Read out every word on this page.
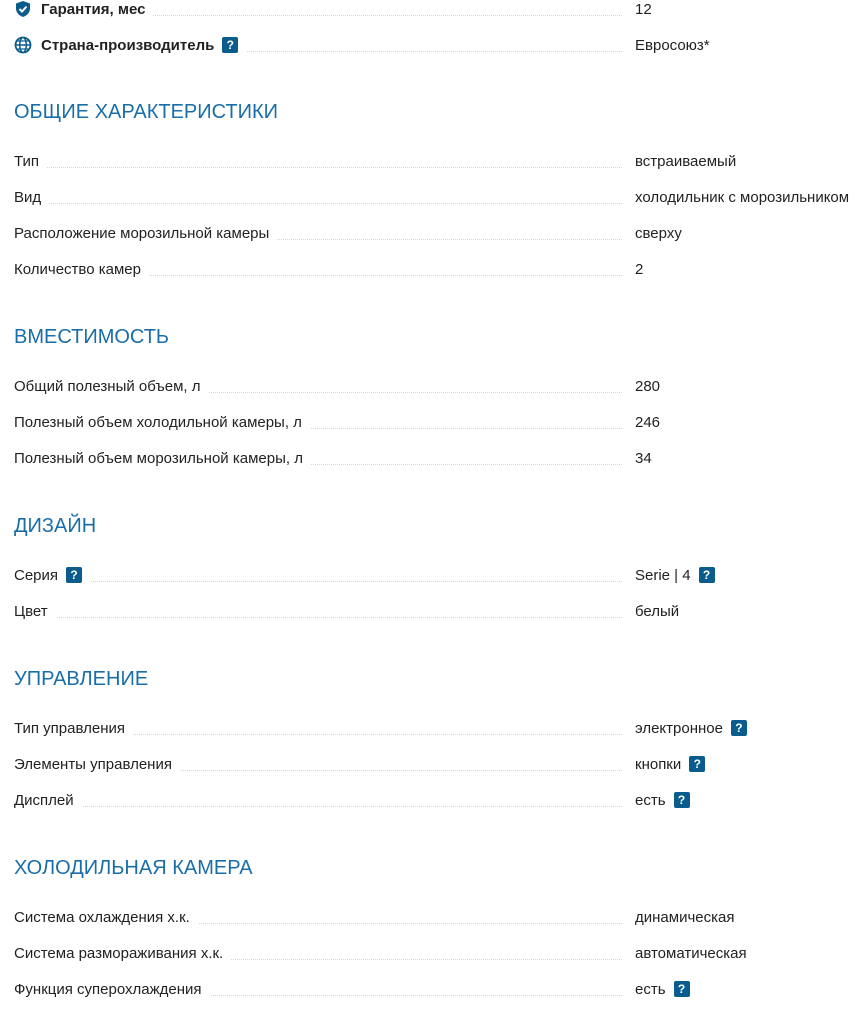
Гарантия, мес	12
Страна-производитель	?	Евросоюз*
ОБЩИЕ ХАРАКТЕРИСТИКИ
Тип	встраиваемый
Вид	холодильник с морозильником
Расположение морозильной камеры	сверху
Количество камер	2
ВМЕСТИМОСТЬ
Общий полезный объем, л	280
Полезный объем холодильной камеры, л	246
Полезный объем морозильной камеры, л	34
ДИЗАЙН
Серия	?	Serie | 4	?
Цвет	белый
УПРАВЛЕНИЕ
Тип управления	электронное	?
Элементы управления	кнопки	?
Дисплей	есть	?
ХОЛОДИЛЬНАЯ КАМЕРА
Система охлаждения х.к.	динамическая
Система размораживания х.к.	автоматическая
Функция суперохлаждения	есть	?
